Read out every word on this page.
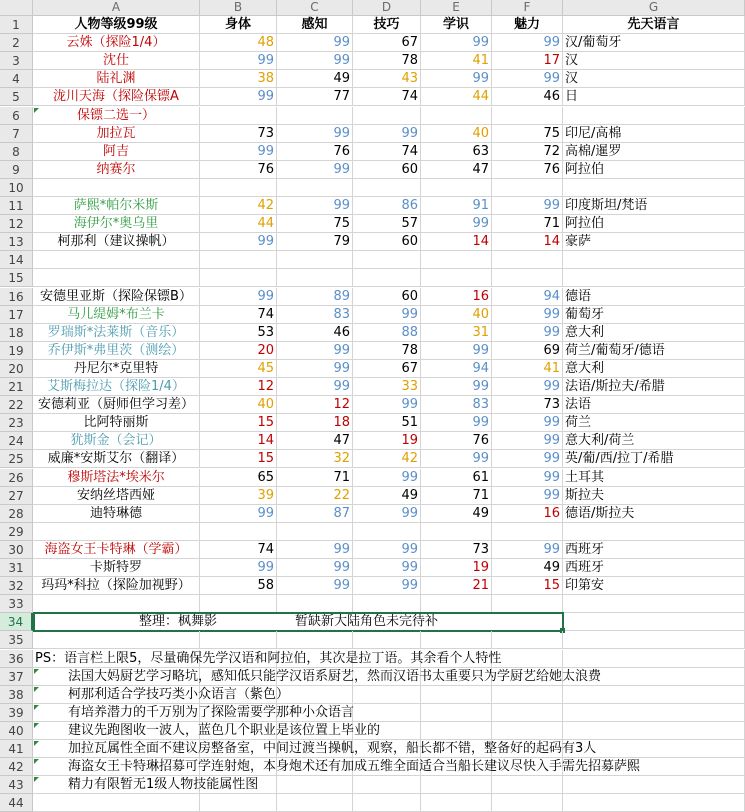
A	B	C	D	E	F	G
1	人物等级99级	身体	感知	技巧	学识	魅力	先天语言
2	云姝（探险1/4）	48	99	67	99	99 汉/葡萄牙
3	沈仕	99	99	78	41	17 汉
4	陆礼渊	38	49	43	99	99 汉
5	泷川天海（探险保镖A	99	77	74	44	46 日
6	保镖二选一）
7	加拉瓦	73	99	99	40	75 印尼/高棉
8	阿吉	99	76	74	63	72 高棉/暹罗
9	纳赛尔	76	99	60	47	76 阿拉伯
10
11	萨熙*帕尔米斯	42	99	86	91	99 印度斯坦/梵语
12	海伊尔*奥乌里	44	75	57	99	71 阿拉伯
13	柯那利（建议操帆）	99	79	60	14	14 豪萨
14
15
16	安德里亚斯（探险保镖B）	99	89	60	16	94 德语
17	马儿缇姆*布兰卡	74	83	99	40	99 葡萄牙
18	罗瑞斯*法莱斯（音乐）	53	46	88	31	99 意大利
19	乔伊斯*弗里茨（测绘）	20	99	78	99	69 荷兰/葡萄牙/德语
20	丹尼尔*克里特	45	99	67	94	41 意大利
21	艾斯梅拉达（探险1/4）	12	99	33	99	99 法语/斯拉夫/希腊
22	安德莉亚（厨师但学习差）	40	12	99	83	73 法语
23	比阿特丽斯	15	18	51	99	99 荷兰
24	犹斯金（会记）	14	47	19	76	99 意大利/荷兰
25	威廉*安斯艾尔（翻译）	15	32	42	99	99 英/葡/西/拉丁/希腊
26	穆斯塔法*埃米尔	65	71	99	61	99 土耳其
27	安纳丝塔西娅	39	22	49	71	99 斯拉夫
28	迪特琳德	99	87	99	49	16 德语/斯拉夫
29
30	海盗女王卡特琳（学霸）	74	99	99	73	99 西班牙
31	卡斯特罗	99	99	99	19	49 西班牙
32	玛玛*科拉（探险加视野）	58	99	99	21	15 印第安
33
34	整理：枫舞影	暂缺新大陆角色未完待补
35
36 PS：语言栏上限5，尽量确保先学汉语和阿拉伯，其次是拉丁语。其余看个人特性
37	法国大妈厨艺学习略坑，感知低只能学汉语系厨艺，然而汉语书太重要只为学厨艺给她太浪费
38	柯那利适合学技巧类小众语言（紫色）
39	有培养潜力的千万别为了探险需要学那种小众语言
40	建议先跑图收一波人，蓝色几个职业是该位置上毕业的
41	加拉瓦属性全面不建议房整备室，中间过渡当操帆，观察，船长都不错，整备好的起码有3人
42	海盗女王卡特琳招募可学连射炮，本身炮术还有加成五维全面适合当船长建议尽快入手需先招募萨熙
43	精力有限暂无1级人物技能属性图
44
